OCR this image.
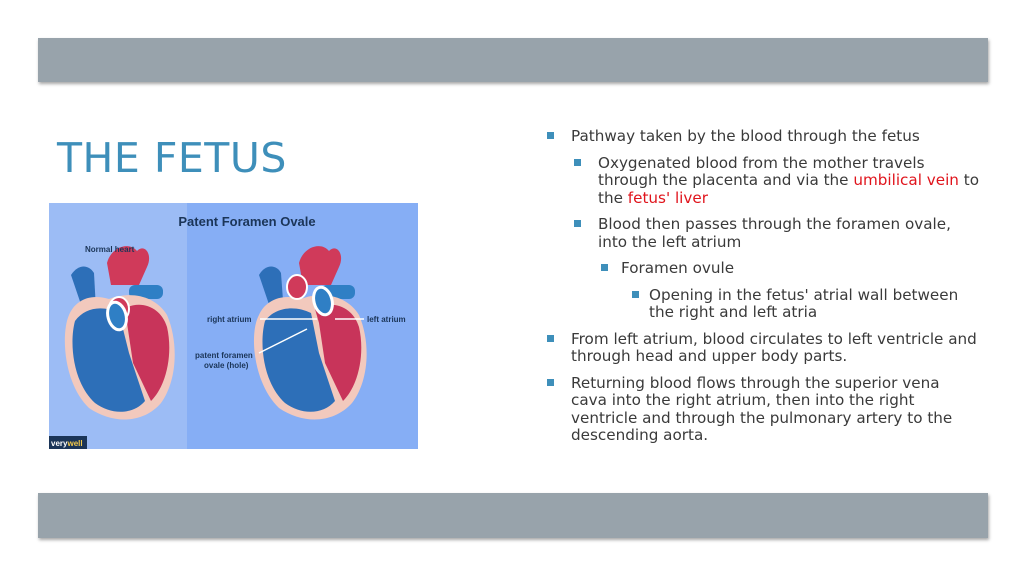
THE FETUS
Patent Foramen Ovale
Normal heart
right atrium	left atrium
patent foramen
ovale (hole)
verywell
Pathway taken by the blood through the fetus
Oxygenated blood from the mother travels through the placenta and via the umbilical vein to the fetus' liver
Blood then passes through the foramen ovale, into the left atrium
Foramen ovule
Opening in the fetus' atrial wall between the right and left atria
From left atrium, blood circulates to left ventricle and through head and upper body parts.
Returning blood flows through the superior vena cava into the right atrium, then into the right ventricle and through the pulmonary artery to the descending aorta.
